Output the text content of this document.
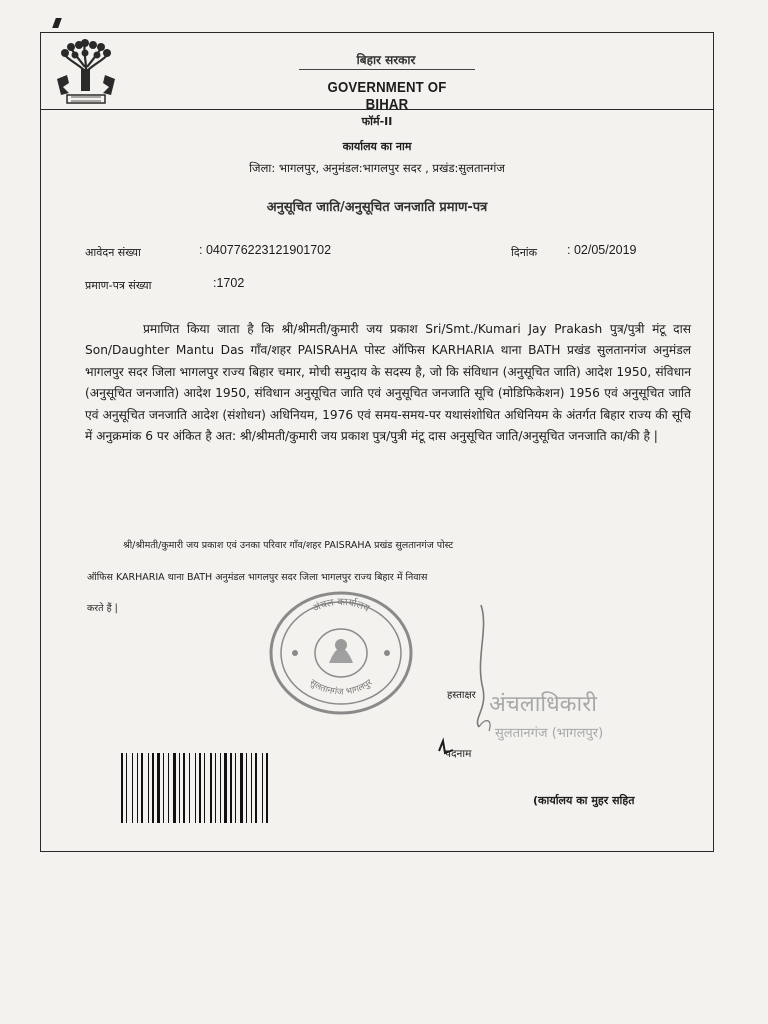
बिहार सरकार
GOVERNMENT OF BIHAR
फॉर्म-II
कार्यालय का नाम
जिला: भागलपुर, अनुमंडल:भागलपुर सदर , प्रखंड:सुलतानगंज
अनुसूचित जाति/अनुसूचित जनजाति प्रमाण-पत्र
आवेदन संख्या	: 040776223121901702	दिनांक : 02/05/2019
प्रमाण-पत्र संख्या	:1702
प्रमाणित किया जाता है कि श्री/श्रीमती/कुमारी जय प्रकाश Sri/Smt./Kumari Jay Prakash पुत्र/पुत्री मंटू दास Son/Daughter Mantu Das गाँव/शहर PAISRAHA पोस्ट ऑफिस KARHARIA थाना BATH प्रखंड सुलतानगंज अनुमंडल भागलपुर सदर जिला भागलपुर राज्य बिहार चमार, मोची समुदाय के सदस्य है, जो कि संविधान (अनुसूचित जाति) आदेश 1950, संविधान (अनुसूचित जनजाति) आदेश 1950, संविधान अनुसूचित जाति एवं अनुसूचित जनजाति सूचि (मोडिफिकेशन) 1956 एवं अनुसूचित जाति एवं अनुसूचित जनजाति आदेश (संशोधन) अधिनियम, 1976 एवं समय-समय-पर यथासंशोधित अधिनियम के अंतर्गत बिहार राज्य की सूचि में अनुक्रमांक 6 पर अंकित है अत: श्री/श्रीमती/कुमारी जय प्रकाश पुत्र/पुत्री मंटू दास अनुसूचित जाति/अनुसूचित जनजाति का/की है |
श्री/श्रीमती/कुमारी जय प्रकाश एवं उनका परिवार गाँव/शहर PAISRAHA प्रखंड सुलतानगंज पोस्ट
ऑफिस KARHARIA थाना BATH अनुमंडल भागलपुर सदर जिला भागलपुर राज्य बिहार में निवास
करते हैं |	अंचल कार्यालय
सुलतानगंज भागलपुर
अंचलाधिकारी
सुलतानगंज (भागलपुर)
हस्ताक्षर
पदनाम
(कार्यालय का मुहर सहित
